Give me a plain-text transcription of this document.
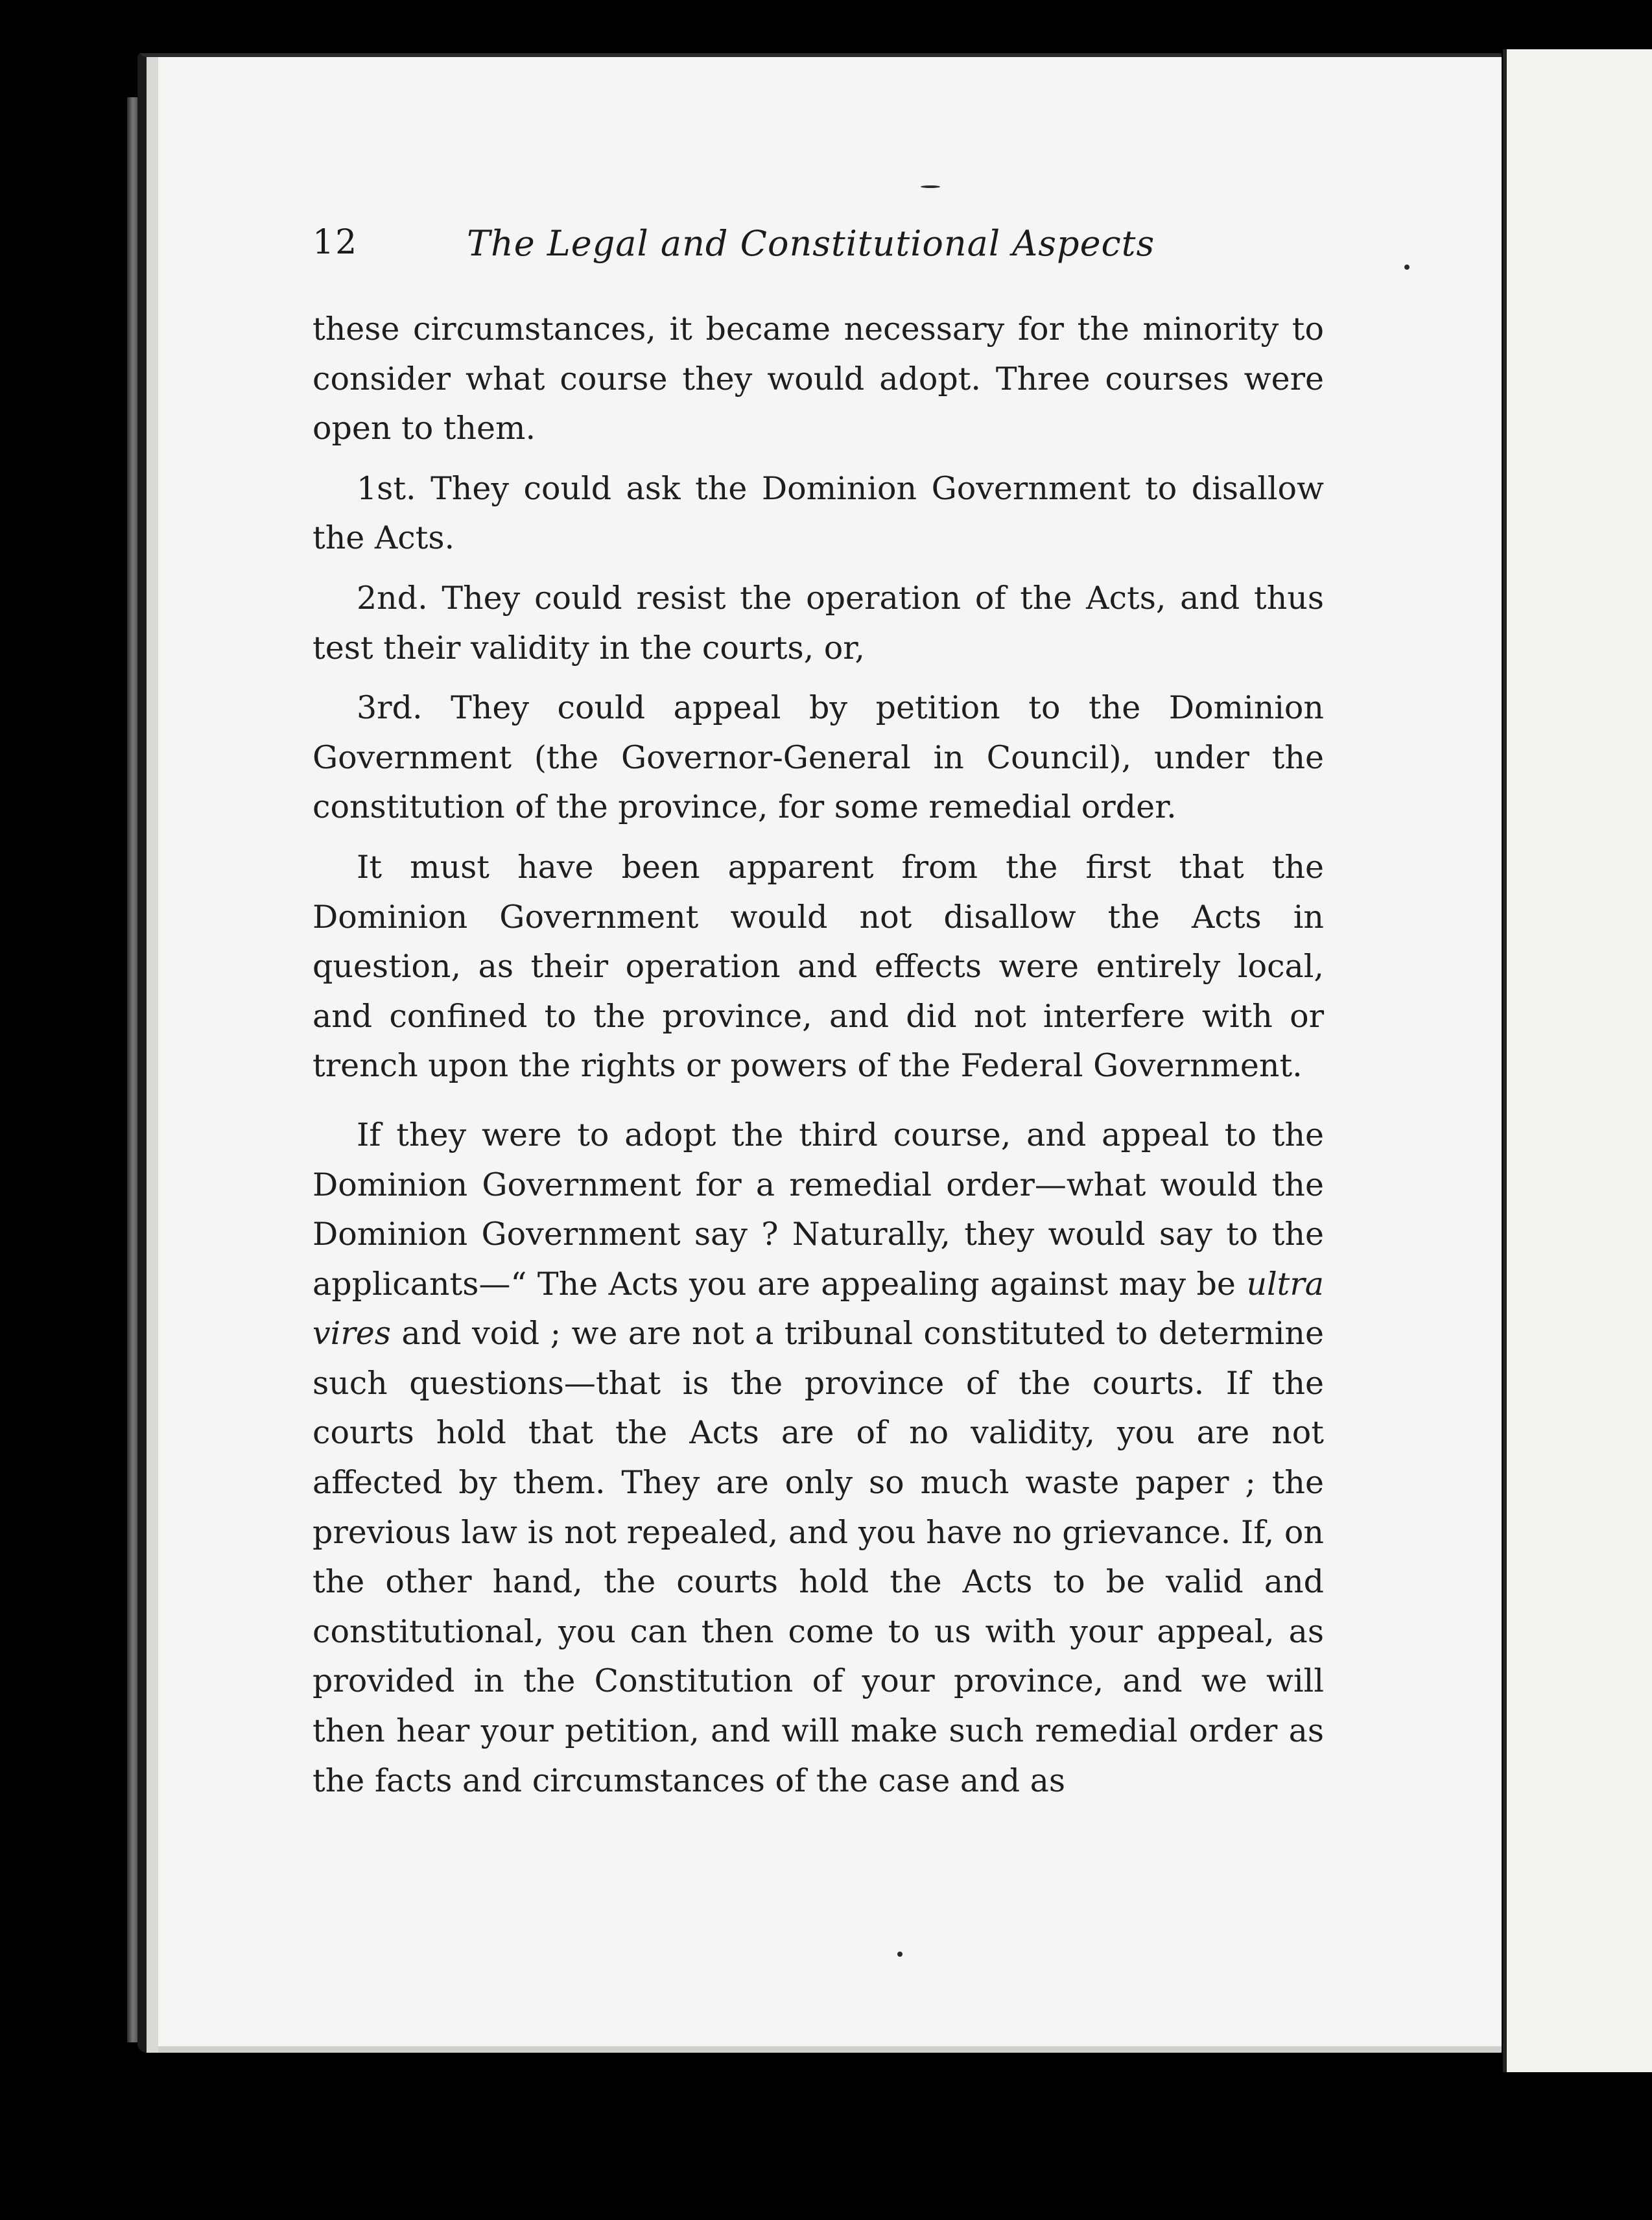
12	The Legal and Constitutional Aspects

these circumstances, it became necessary for the minority to consider what course they would adopt. Three courses were open to them.

1st. They could ask the Dominion Government to disallow the Acts.

2nd. They could resist the operation of the Acts, and thus test their validity in the courts, or,

3rd. They could appeal by petition to the Dominion Government (the Governor-General in Council), under the constitution of the province, for some remedial order.

It must have been apparent from the first that the Dominion Government would not disallow the Acts in question, as their operation and effects were entirely local, and confined to the province, and did not interfere with or trench upon the rights or powers of the Federal Government.

If they were to adopt the third course, and appeal to the Dominion Government for a remedial order—what would the Dominion Government say ? Naturally, they would say to the applicants—“ The Acts you are appealing against may be ultra vires and void ; we are not a tribunal constituted to determine such questions—that is the province of the courts. If the courts hold that the Acts are of no validity, you are not affected by them. They are only so much waste paper ; the previous law is not repealed, and you have no grievance. If, on the other hand, the courts hold the Acts to be valid and constitutional, you can then come to us with your appeal, as provided in the Constitution of your province, and we will then hear your petition, and will make such remedial order as the facts and circumstances of the case and as
